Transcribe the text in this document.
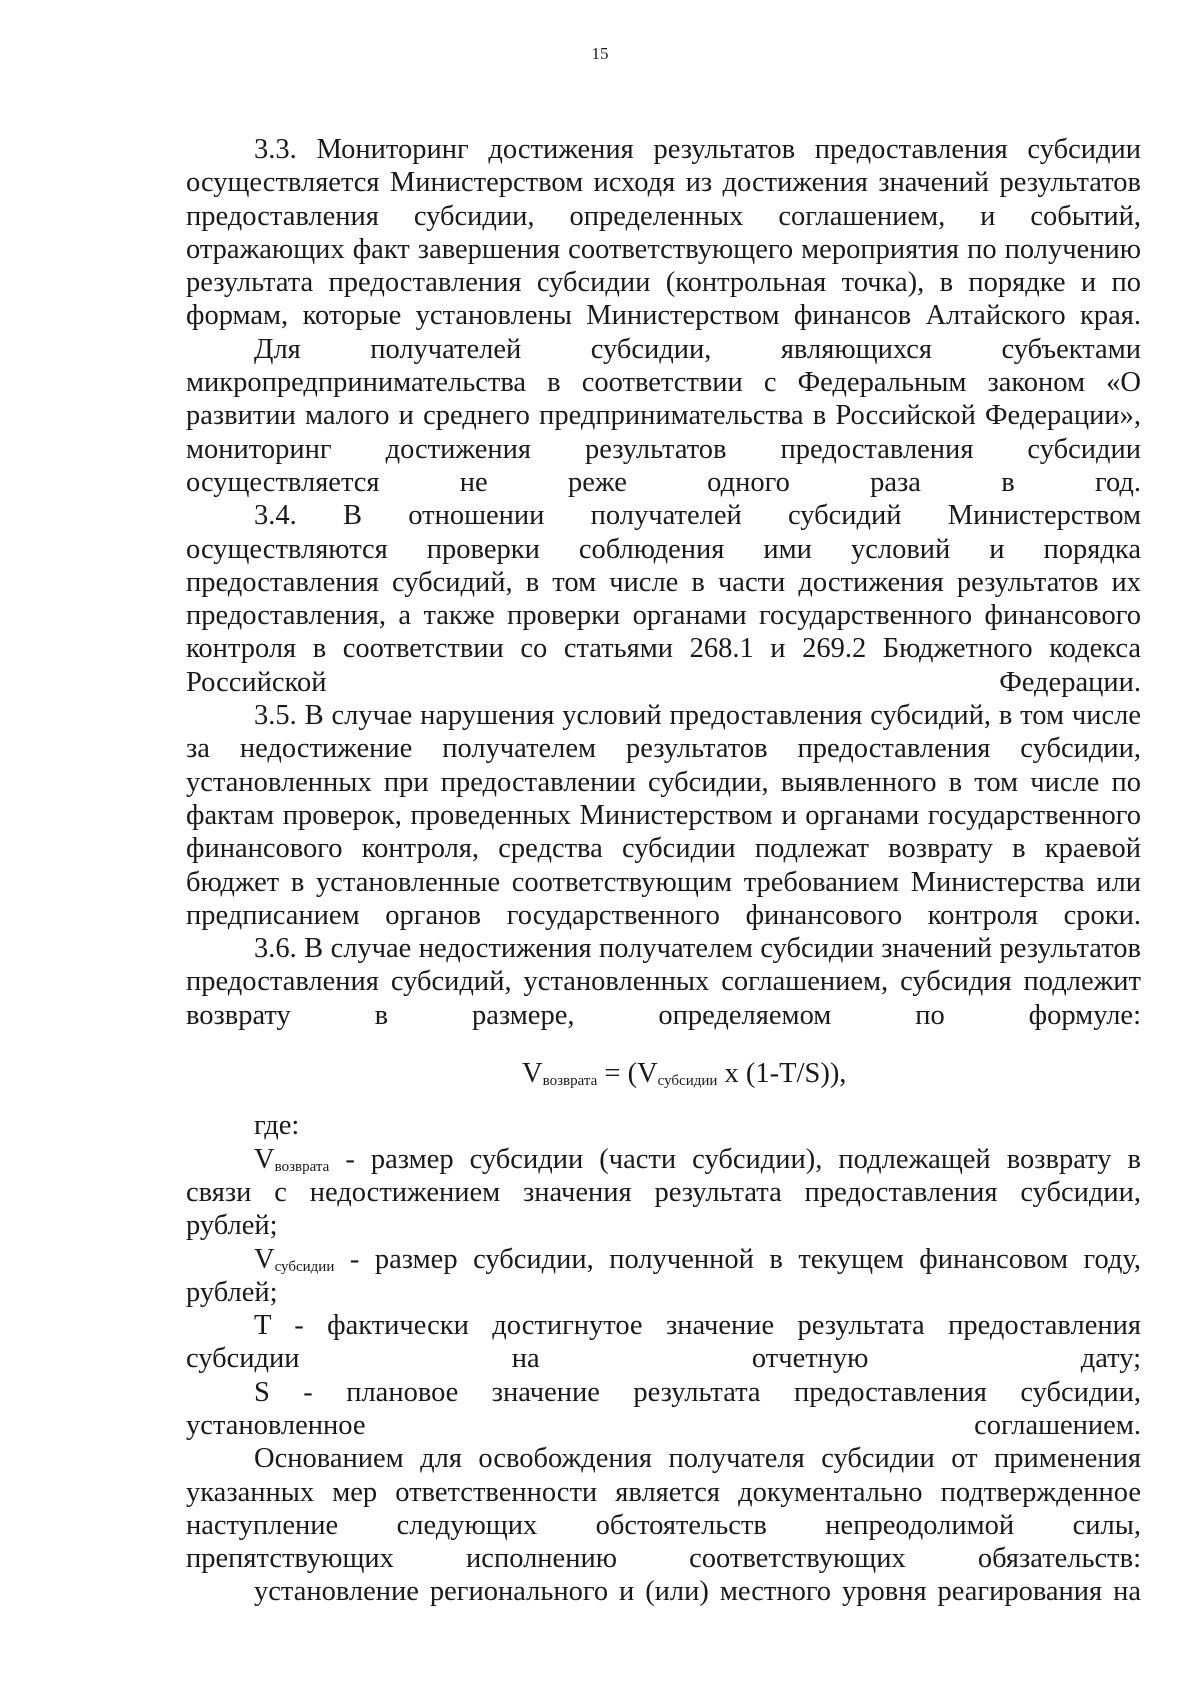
15

3.3. Мониторинг достижения результатов предоставления субсидии осуществляется Министерством исходя из достижения значений результатов предоставления субсидии, определенных соглашением, и событий, отражающих факт завершения соответствующего мероприятия по получению результата предоставления субсидии (контрольная точка), в порядке и по формам, которые установлены Министерством финансов Алтайского края.

Для получателей субсидии, являющихся субъектами микропредпринимательства в соответствии с Федеральным законом «О развитии малого и среднего предпринимательства в Российской Федерации», мониторинг достижения результатов предоставления субсидии осуществляется не реже одного раза в год.

3.4. В отношении получателей субсидий Министерством осуществляются проверки соблюдения ими условий и порядка предоставления субсидий, в том числе в части достижения результатов их предоставления, а также проверки органами государственного финансового контроля в соответствии со статьями 268.1 и 269.2 Бюджетного кодекса Российской Федерации.

3.5. В случае нарушения условий предоставления субсидий, в том числе за недостижение получателем результатов предоставления субсидии, установленных при предоставлении субсидии, выявленного в том числе по фактам проверок, проведенных Министерством и органами государственного финансового контроля, средства субсидии подлежат возврату в краевой бюджет в установленные соответствующим требованием Министерства или предписанием органов государственного финансового контроля сроки.

3.6. В случае недостижения получателем субсидии значений результатов предоставления субсидий, установленных соглашением, субсидия подлежит возврату в размере, определяемом по формуле:

$V_{возврата} = (V_{субсидии}$ x (1-T/S)),

где:

$V_{возврата}$ - размер субсидии (части субсидии), подлежащей возврату в связи с недостижением значения результата предоставления субсидии, рублей;

$V_{субсидии}$ - размер субсидии, полученной в текущем финансовом году, рублей;

T - фактически достигнутое значение результата предоставления субсидии на отчетную дату;

S - плановое значение результата предоставления субсидии, установленное соглашением.

Основанием для освобождения получателя субсидии от применения указанных мер ответственности является документально подтвержденное наступление следующих обстоятельств непреодолимой силы, препятствующих исполнению соответствующих обязательств:

установление регионального и (или) местного уровня реагирования на
